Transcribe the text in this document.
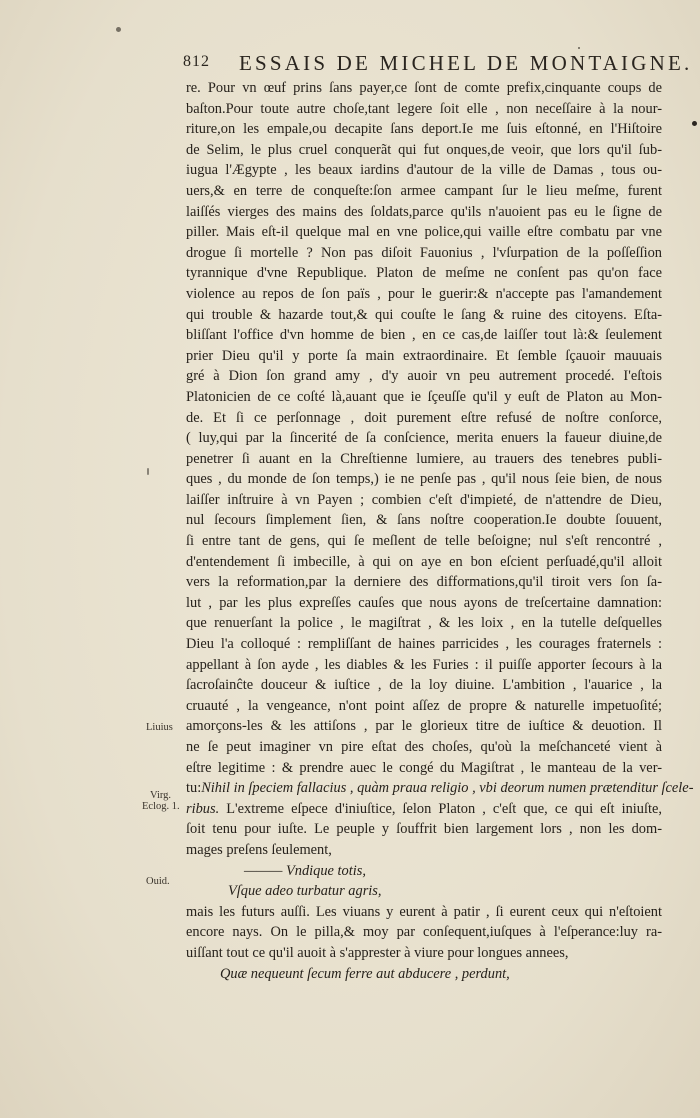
812 ESSAIS DE MICHEL DE MONTAIGNE.
re. Pour vn œuf prins ſans payer,ce ſont de comte prefix,cinquante coups de
baſton.Pour toute autre choſe,tant legere ſoit elle , non neceſſaire à la nour-
riture,on les empale,ou decapite ſans deport.Ie me ſuis eſtonné, en l'Hiſtoire
de Selim, le plus cruel conquerãt qui fut onques,de veoir, que lors qu'il ſub-
iugua l'Ægypte , les beaux iardins d'autour de la ville de Damas , tous ou-
uers,& en terre de conqueſte:ſon armee campant ſur le lieu meſme, furent
laiſſés vierges des mains des ſoldats,parce qu'ils n'auoient pas eu le ſigne de
piller. Mais eſt-il quelque mal en vne police,qui vaille eſtre combatu par vne
drogue ſi mortelle ? Non pas diſoit Fauonius , l'vſurpation de la poſſeſſion
tyrannique d'vne Republique. Platon de meſme ne conſent pas qu'on face
violence au repos de ſon païs , pour le guerir:& n'accepte pas l'amandement
qui trouble & hazarde tout,& qui couſte le ſang & ruine des citoyens. Eſta-
bliſſant l'office d'vn homme de bien , en ce cas,de laiſſer tout là:& ſeulement
prier Dieu qu'il y porte ſa main extraordinaire. Et ſemble ſçauoir mauuais
gré à Dion ſon grand amy , d'y auoir vn peu autrement procedé. I'eſtois
Platonicien de ce coſté là,auant que ie ſçeuſſe qu'il y euſt de Platon au Mon-
de. Et ſi ce perſonnage , doit purement eſtre refusé de noſtre conſorce,
( luy,qui par la ſincerité de ſa conſcience, merita enuers la faueur diuine,de
penetrer ſi auant en la Chreſtienne lumiere, au trauers des tenebres publi-
ques , du monde de ſon temps,) ie ne penſe pas , qu'il nous ſeie bien, de nous
laiſſer inſtruire à vn Payen ; combien c'eſt d'impieté, de n'attendre de Dieu,
nul ſecours ſimplement ſien, & ſans noſtre cooperation.Ie doubte ſouuent,
ſi entre tant de gens, qui ſe meſlent de telle beſoigne; nul s'eſt rencontré ,
d'entendement ſi imbecille, à qui on aye en bon eſcient perſuadé,qu'il alloit
vers la reformation,par la derniere des difformations,qu'il tiroit vers ſon ſa-
lut , par les plus expreſſes cauſes que nous ayons de treſcertaine damnation:
que renuerſant la police , le magiſtrat , & les loix , en la tutelle deſquelles
Dieu l'a colloqué : rempliſſant de haines parricides , les courages fraternels :
appellant à ſon ayde , les diables & les Furies : il puiſſe apporter ſecours à la
ſacroſainĉte douceur & iuſtice , de la loy diuine. L'ambition , l'auarice , la
cruauté , la vengeance, n'ont point aſſez de propre & naturelle impetuoſité;
amorçons-les & les attiſons , par le glorieux titre de iuſtice & deuotion. Il
ne ſe peut imaginer vn pire eſtat des choſes, qu'où la meſchanceté vient à
eſtre legitime : & prendre auec le congé du Magiſtrat , le manteau de la ver-
tu:Nihil in ſpeciem fallacius , quàm praua religio , vbi deorum numen prætenditur ſcele-
ribus. L'extreme eſpece d'iniuſtice, ſelon Platon , c'eſt que, ce qui eſt iniuſte,
ſoit tenu pour iuſte. Le peuple y ſouffrit bien largement lors , non les dom-
mages preſens ſeulement,
——— Vndique totis,
Vſque adeo turbatur agris,
mais les futurs auſſi. Les viuans y eurent à patir , ſi eurent ceux qui n'eſtoient
encore nays. On le pilla,& moy par conſequent,iuſques à l'eſperance:luy ra-
uiſſant tout ce qu'il auoit à s'apprester à viure pour longues annees,
Quæ nequeunt ſecum ferre aut abducere , perdunt,
Liuius
Virg.
Eclog. 1.
Ouid.
